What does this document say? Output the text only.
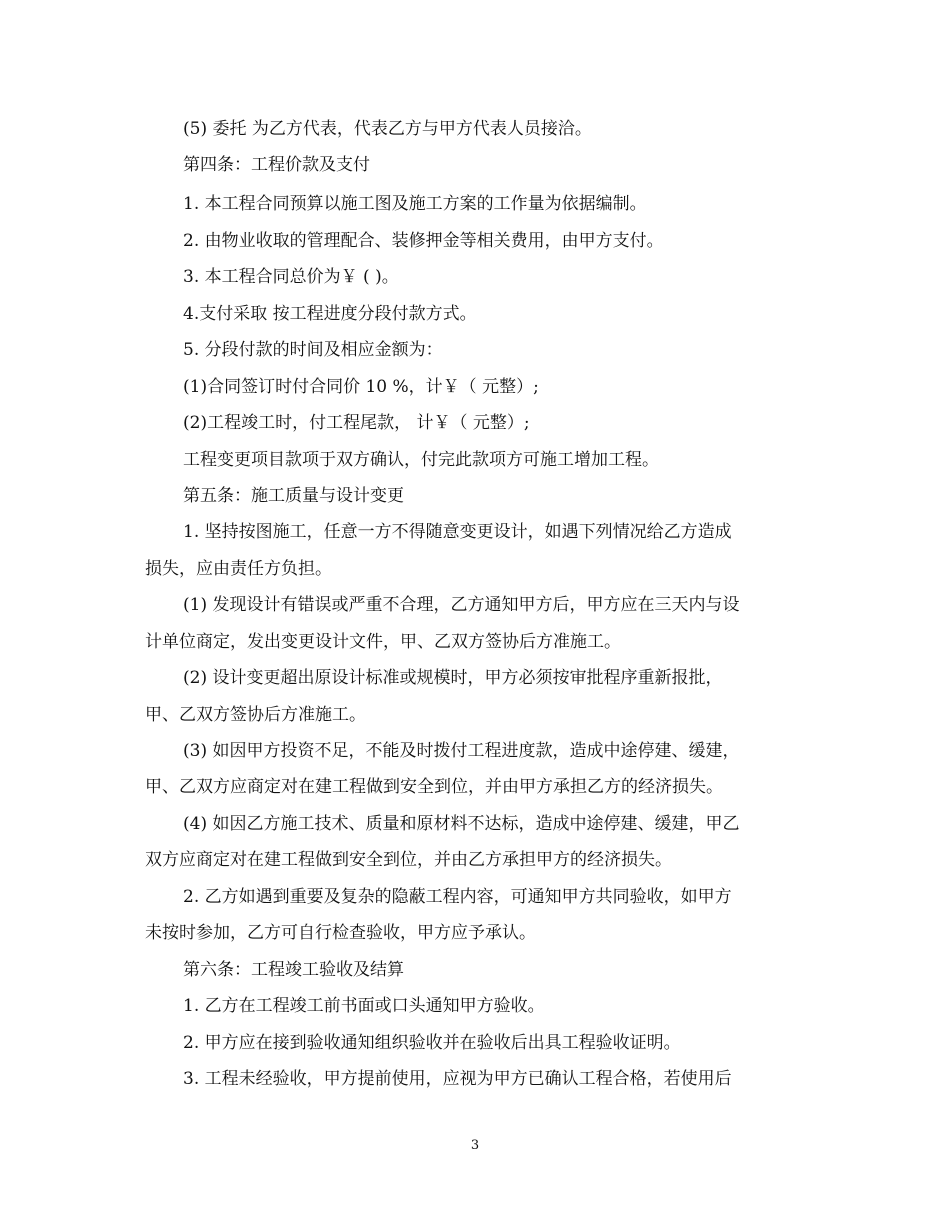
(5) 委托 为乙方代表，代表乙方与甲方代表人员接洽。
第四条：工程价款及支付
1. 本工程合同预算以施工图及施工方案的工作量为依据编制。
2. 由物业收取的管理配合、装修押金等相关费用，由甲方支付。
3. 本工程合同总价为￥ ( )。
4.支付采取 按工程进度分段付款方式。
5. 分段付款的时间及相应金额为：
(1)合同签订时付合同价 10 %，计￥（ 元整）;
(2)工程竣工时，付工程尾款， 计￥（ 元整）;
工程变更项目款项于双方确认，付完此款项方可施工增加工程。
第五条：施工质量与设计变更
1. 坚持按图施工，任意一方不得随意变更设计，如遇下列情况给乙方造成
损失，应由责任方负担。
(1) 发现设计有错误或严重不合理，乙方通知甲方后，甲方应在三天内与设
计单位商定，发出变更设计文件，甲、乙双方签协后方准施工。
(2) 设计变更超出原设计标准或规模时，甲方必须按审批程序重新报批，
甲、乙双方签协后方准施工。
(3) 如因甲方投资不足，不能及时拨付工程进度款，造成中途停建、缓建，
甲、乙双方应商定对在建工程做到安全到位，并由甲方承担乙方的经济损失。
(4) 如因乙方施工技术、质量和原材料不达标，造成中途停建、缓建，甲乙
双方应商定对在建工程做到安全到位，并由乙方承担甲方的经济损失。
2. 乙方如遇到重要及复杂的隐蔽工程内容，可通知甲方共同验收，如甲方
未按时参加，乙方可自行检查验收，甲方应予承认。
第六条：工程竣工验收及结算
1. 乙方在工程竣工前书面或口头通知甲方验收。
2. 甲方应在接到验收通知组织验收并在验收后出具工程验收证明。
3. 工程未经验收，甲方提前使用，应视为甲方已确认工程合格，若使用后
3
